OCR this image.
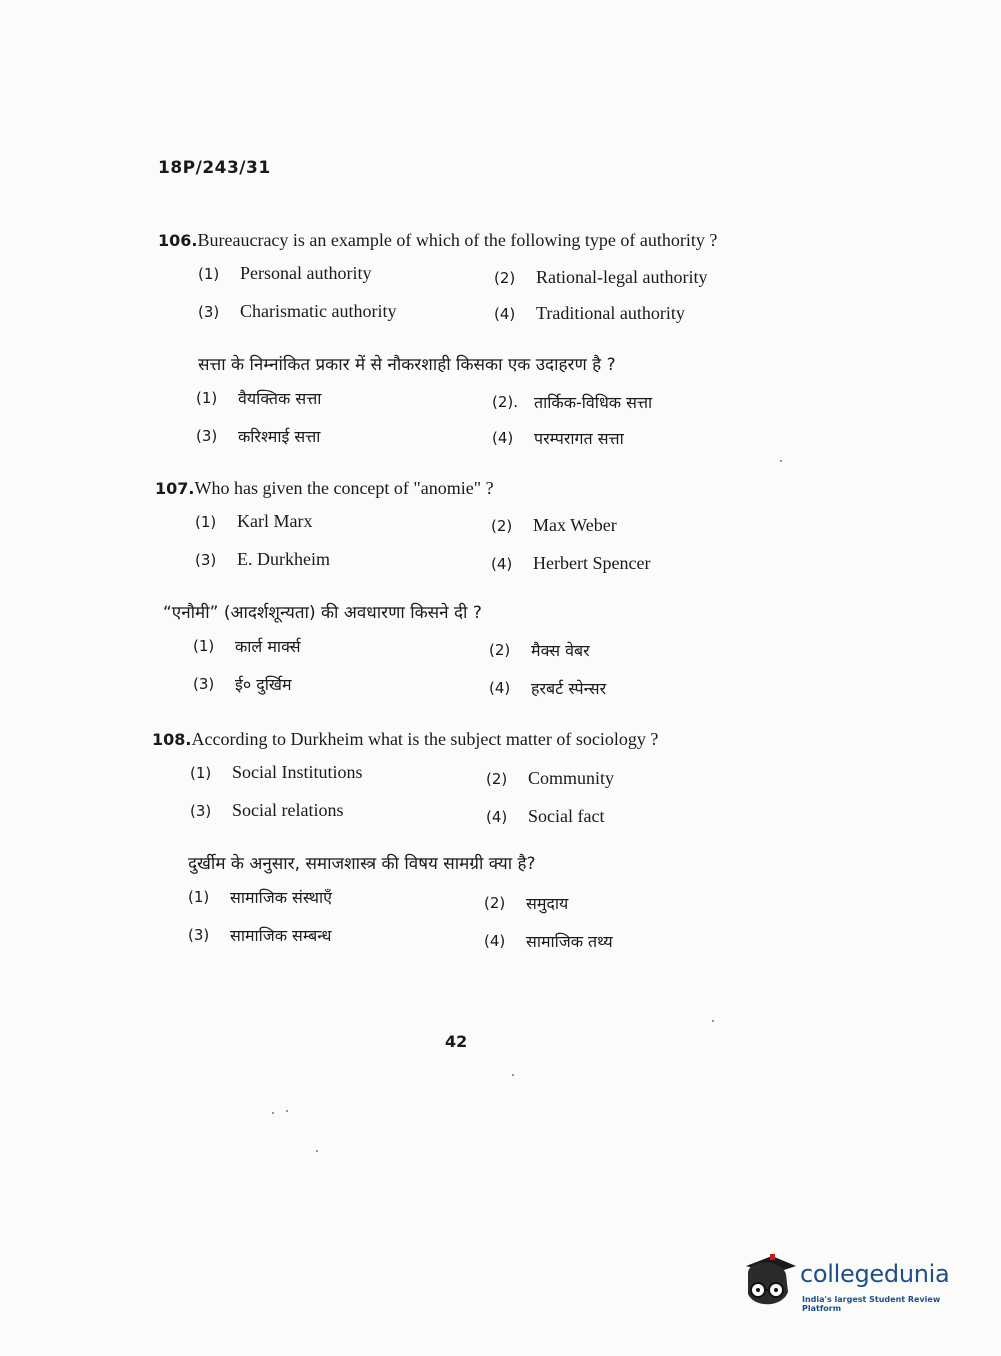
18P/243/31
106.Bureaucracy is an example of which of the following type of authority ?
(1)	Personal authority	(2)	Rational-legal authority
(3)	Charismatic authority	(4)	Traditional authority
सत्ता के निम्नांकित प्रकार में से नौकरशाही किसका एक उदाहरण है ?
(1)	वैयक्तिक सत्ता	(2). तार्किक-विधिक सत्ता
(3)	करिश्माई सत्ता	(4)	परम्परागत सत्ता
107.Who has given the concept of "anomie" ?
(1)	Karl Marx	(2)	Max Weber
(3)	E. Durkheim	(4)	Herbert Spencer
“एनौमी” (आदर्शशून्यता) की अवधारणा किसने दी ?
(1)	कार्ल मार्क्स	(2)	मैक्स वेबर
(3)	ई० दुर्खिम	(4)	हरबर्ट स्पेन्सर
108.According to Durkheim what is the subject matter of sociology ?
(1)	Social Institutions	(2)	Community
(3)	Social relations	(4)	Social fact
दुर्खीम के अनुसार, समाजशास्त्र की विषय सामग्री क्या है?
(1)	सामाजिक संस्थाएँ	(2)	समुदाय
(3)	सामाजिक सम्बन्ध	(4)	सामाजिक तथ्य
42
collegedunia
India's largest Student Review Platform
